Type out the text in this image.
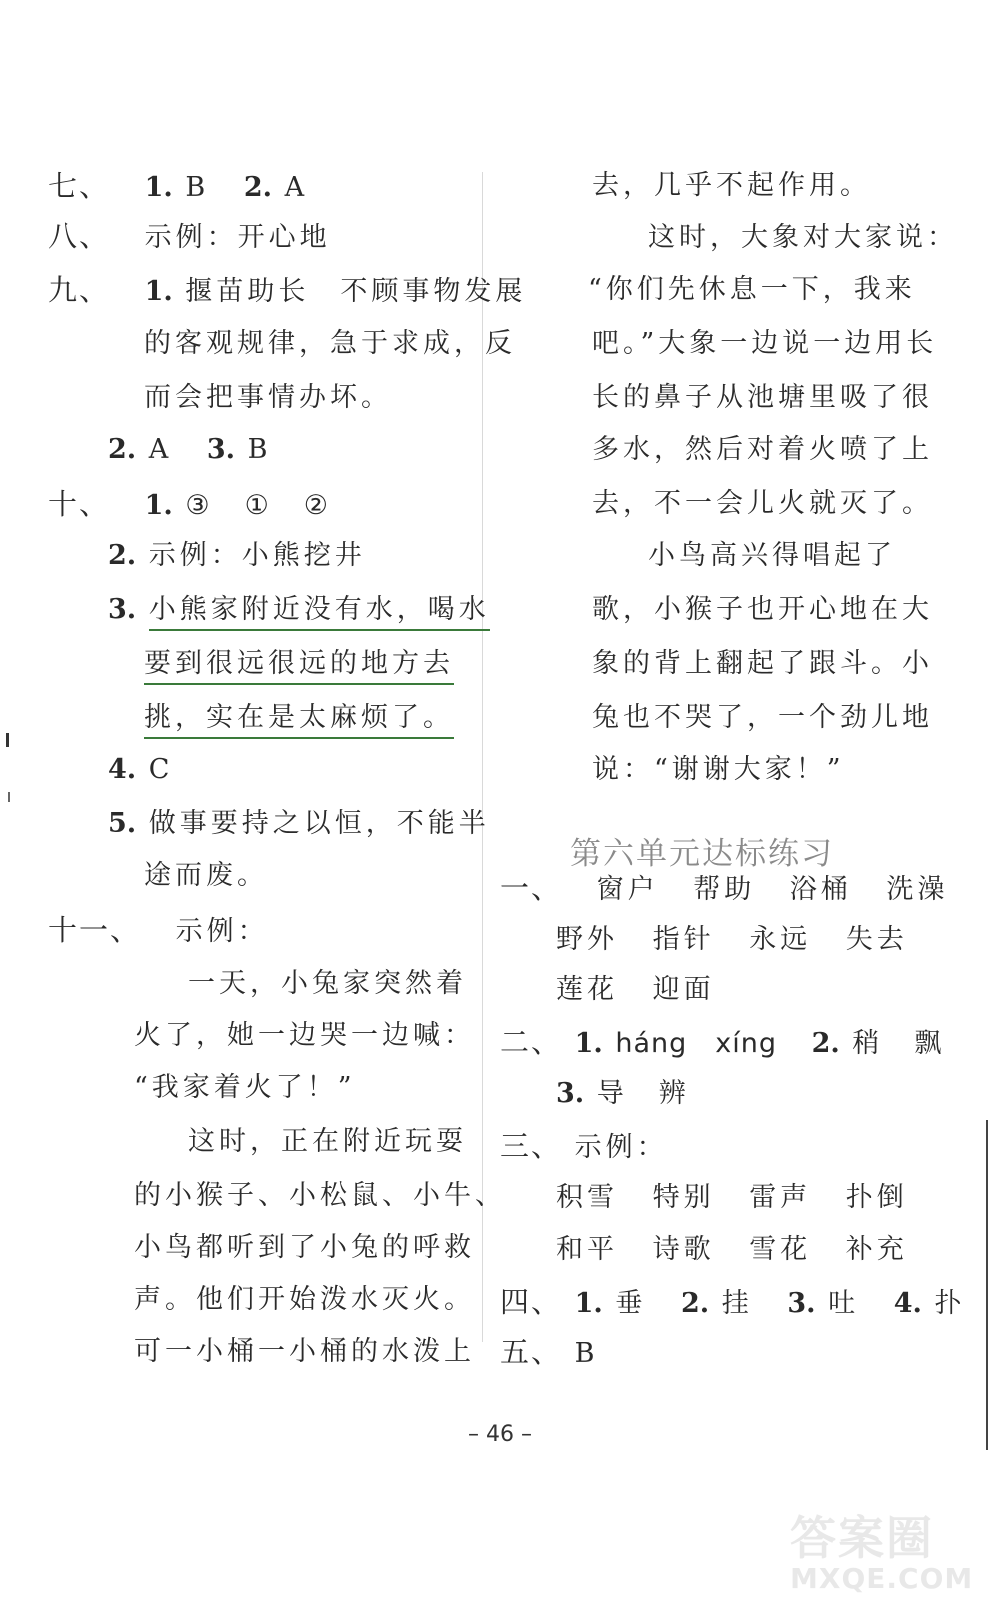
七、 1. B 2. A
八、 示例：开心地
九、 1. 揠苗助长　不顾事物发展
的客观规律，急于求成，反
而会把事情办坏。
2. A 3. B
十、 1. ③　①　②
2. 示例：小熊挖井
3. 小熊家附近没有水，喝水
要到很远很远的地方去
挑，实在是太麻烦了。
4. C
5. 做事要持之以恒，不能半
途而废。
十一、 示例：
一天，小兔家突然着
火了，她一边哭一边喊：
“我家着火了！”
这时，正在附近玩耍
的小猴子、小松鼠、小牛、
小鸟都听到了小兔的呼救
声。他们开始泼水灭火。
可一小桶一小桶的水泼上
去，几乎不起作用。
这时，大象对大家说：
“你们先休息一下，我来
吧。”大象一边说一边用长
长的鼻子从池塘里吸了很
多水，然后对着火喷了上
去，不一会儿火就灭了。
小鸟高兴得唱起了
歌，小猴子也开心地在大
象的背上翻起了跟斗。小
兔也不哭了，一个劲儿地
说：“谢谢大家！”
第六单元达标练习
一、 窗户 帮助 浴桶 洗澡
野外 指针 永远 失去
莲花 迎面
二、 1. háng　xíng 2. 稍　飘
3. 导　辨
三、 示例：
积雪 特别 雷声 扑倒
和平 诗歌 雪花 补充
四、 1. 垂 2. 挂 3. 吐 4. 扑
五、 B
– 46 –
答案圈
MXQE.COM
